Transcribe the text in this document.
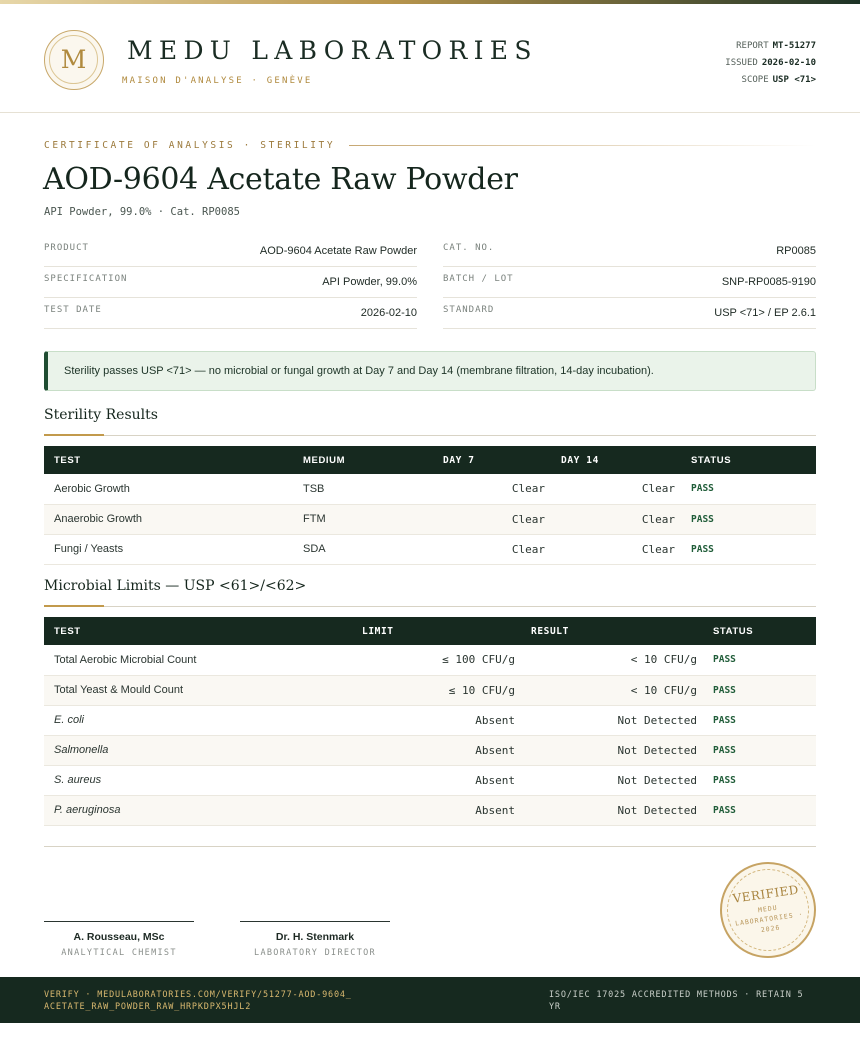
M	MEDU LABORATORIES
MAISON D'ANALYSE · GENÈVE
REPORT MT-51277
ISSUED 2026-02-10
SCOPE USP <71>
CERTIFICATE OF ANALYSIS · STERILITY
AOD-9604 Acetate Raw Powder
API Powder, 99.0% · Cat. RP0085
PRODUCT	AOD-9604 Acetate Raw Powder
SPECIFICATION	API Powder, 99.0%
TEST DATE	2026-02-10
CAT. NO.	RP0085
BATCH / LOT	SNP-RP0085-9190
STANDARD	USP <71> / EP 2.6.1
Sterility passes USP <71> — no microbial or fungal growth at Day 7 and Day 14 (membrane filtration, 14-day incubation).
Sterility Results
TEST	MEDIUM	DAY 7	DAY 14	STATUS
Aerobic Growth	TSB	Clear	Clear	PASS
Anaerobic Growth	FTM	Clear	Clear	PASS
Fungi / Yeasts	SDA	Clear	Clear	PASS
Microbial Limits — USP <61>/<62>
TEST	LIMIT	RESULT	STATUS
Total Aerobic Microbial Count	≤ 100 CFU/g	< 10 CFU/g	PASS
Total Yeast & Mould Count	≤ 10 CFU/g	< 10 CFU/g	PASS
E. coli	Absent	Not Detected	PASS
Salmonella	Absent	Not Detected	PASS
S. aureus	Absent	Not Detected	PASS
P. aeruginosa	Absent	Not Detected	PASS
A. Rousseau, MSc
ANALYTICAL CHEMIST
Dr. H. Stenmark
LABORATORY DIRECTOR
VERIFIED
MEDU LABORATORIES · 2026
VERIFY · MEDULABORATORIES.COM/VERIFY/51277-AOD-9604_ACETATE_RAW_POWDER_RAW_HRPKDPX5HJL2
ISO/IEC 17025 ACCREDITED METHODS · RETAIN 5 YR
